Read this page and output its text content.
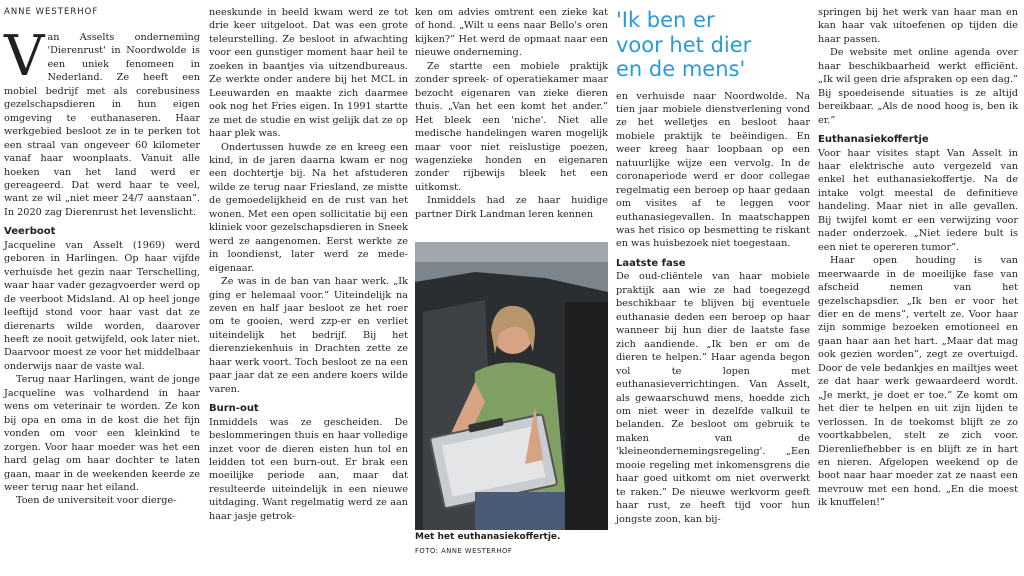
ANNE WESTERHOF

Van Asselts onderneming 'Dierenrust' in Noordwolde is een uniek fenomeen in Nederland. Ze heeft een mobiel bedrijf met als corebusiness gezelschapsdieren in hun eigen omgeving te euthanaseren. Haar werkgebied besloot ze in te perken tot een straal van ongeveer 60 kilometer vanaf haar woonplaats. Vanuit alle hoeken van het land werd er gereageerd. Dat werd haar te veel, want ze wil „niet meer 24/7 aanstaan”. In 2020 zag Dierenrust het levenslicht.

Veerboot

Jacqueline van Asselt (1969) werd geboren in Harlingen. Op haar vijfde verhuisde het gezin naar Terschelling, waar haar vader gezagvoerder werd op de veerboot Midsland. Al op heel jonge leeftijd stond voor haar vast dat ze dierenarts wilde worden, daarover heeft ze nooit getwijfeld, ook later niet. Daarvoor moest ze voor het middelbaar onderwijs naar de vaste wal.

Terug naar Harlingen, want de jonge Jacqueline was volhardend in haar wens om veterinair te worden. Ze kon bij opa en oma in de kost die het fijn vonden om voor een kleinkind te zorgen. Voor haar moeder was het een hard gelag om haar dochter te laten gaan, maar in de weekenden keerde ze weer terug naar het eiland.

Toen de universiteit voor dierge-

neeskunde in beeld kwam werd ze tot drie keer uitgeloot. Dat was een grote teleurstelling. Ze besloot in afwachting voor een gunstiger moment haar heil te zoeken in baantjes via uitzendbureaus. Ze werkte onder andere bij het MCL in Leeuwarden en maakte zich daarmee ook nog het Fries eigen. In 1991 startte ze met de studie en wist gelijk dat ze op haar plek was.

Ondertussen huwde ze en kreeg een kind, in de jaren daarna kwam er nog een dochtertje bij. Na het afstuderen wilde ze terug naar Friesland, ze mistte de gemoedelijkheid en de rust van het wonen. Met een open sollicitatie bij een kliniek voor gezelschapsdieren in Sneek werd ze aangenomen. Eerst werkte ze in loondienst, later werd ze mede-eigenaar.

Ze was in de ban van haar werk. „Ik ging er helemaal voor.” Uiteindelijk na zeven en half jaar besloot ze het roer om te gooien, werd zzp-er en verliet uiteindelijk het bedrijf. Bij het dierenziekenhuis in Drachten zette ze haar werk voort. Toch besloot ze na een paar jaar dat ze een andere koers wilde varen.

Burn-out

Inmiddels was ze gescheiden. De beslommeringen thuis en haar volledige inzet voor de dieren eisten hun tol en leidden tot een burn-out. Er brak een moeilijke periode aan, maar dat resulteerde uiteindelijk in een nieuwe uitdaging. Want regelmatig werd ze aan haar jasje getrok-

ken om advies omtrent een zieke kat of hond. „Wilt u eens naar Bello's oren kijken?” Het werd de opmaat naar een nieuwe onderneming.

Ze startte een mobiele praktijk zonder spreek- of operatiekamer maar bezocht eigenaren van zieke dieren thuis. „Van het een komt het ander.” Het bleek een 'niche'. Niet alle medische handelingen waren mogelijk maar voor niet reislustige poezen, wagenzieke honden en eigenaren zonder rijbewijs bleek het een uitkomst.

Inmiddels had ze haar huidige partner Dirk Landman leren kennen

Met het euthanasiekoffertje.
FOTO: ANNE WESTERHOF
'Ik ben er
voor het dier
en de mens'

en verhuisde naar Noordwolde. Na tien jaar mobiele dienstverlening vond ze het welletjes en besloot haar mobiele praktijk te beëindigen. En weer kreeg haar loopbaan op een natuurlijke wijze een vervolg. In de coronaperiode werd er door collegae regelmatig een beroep op haar gedaan om visites af te leggen voor euthanasiegevallen. In maatschappen was het risico op besmetting te riskant en was huisbezoek niet toegestaan.

Laatste fase

De oud-cliëntele van haar mobiele praktijk aan wie ze had toegezegd beschikbaar te blijven bij eventuele euthanasie deden een beroep op haar wanneer bij hun dier de laatste fase zich aandiende. „Ik ben er om de dieren te helpen.” Haar agenda begon vol te lopen met euthanasieverrichtingen. Van Asselt, als gewaarschuwd mens, hoedde zich om niet weer in dezelfde valkuil te belanden. Ze besloot om gebruik te maken van de 'kleineondernemingsregeling'. „Een mooie regeling met inkomensgrens die haar goed uitkomt om niet overwerkt te raken.” De nieuwe werkvorm geeft haar rust, ze heeft tijd voor hun jongste zoon, kan bij-

springen bij het werk van haar man en kan haar vak uitoefenen op tijden die haar passen.

De website met online agenda over haar beschikbaarheid werkt efficiënt. „Ik wil geen drie afspraken op een dag.” Bij spoedeisende situaties is ze altijd bereikbaar. „Als de nood hoog is, ben ik er.”

Euthanasiekoffertje

Voor haar visites stapt Van Asselt in haar elektrische auto vergezeld van enkel het euthanasiekoffertje. Na de intake volgt meestal de definitieve handeling. Maar niet in alle gevallen. Bij twijfel komt er een verwijzing voor nader onderzoek. „Niet iedere bult is een niet te opereren tumor”.

Haar open houding is van meerwaarde in de moeilijke fase van afscheid nemen van het gezelschapsdier. „Ik ben er voor het dier en de mens”, vertelt ze. Voor haar zijn sommige bezoeken emotioneel en gaan haar aan het hart. „Maar dat mag ook gezien worden”, zegt ze overtuigd. Door de vele bedankjes en mailtjes weet ze dat haar werk gewaardeerd wordt. „Je merkt, je doet er toe.” Ze komt om het dier te helpen en uit zijn lijden te verlossen. In de toekomst blijft ze zo voortkabbelen, stelt ze zich voor. Dierenliefhebber is en blijft ze in hart en nieren. Afgelopen weekend op de boot naar haar moeder zat ze naast een mevrouw met een hond. „En die moest ik knuffelen!”
